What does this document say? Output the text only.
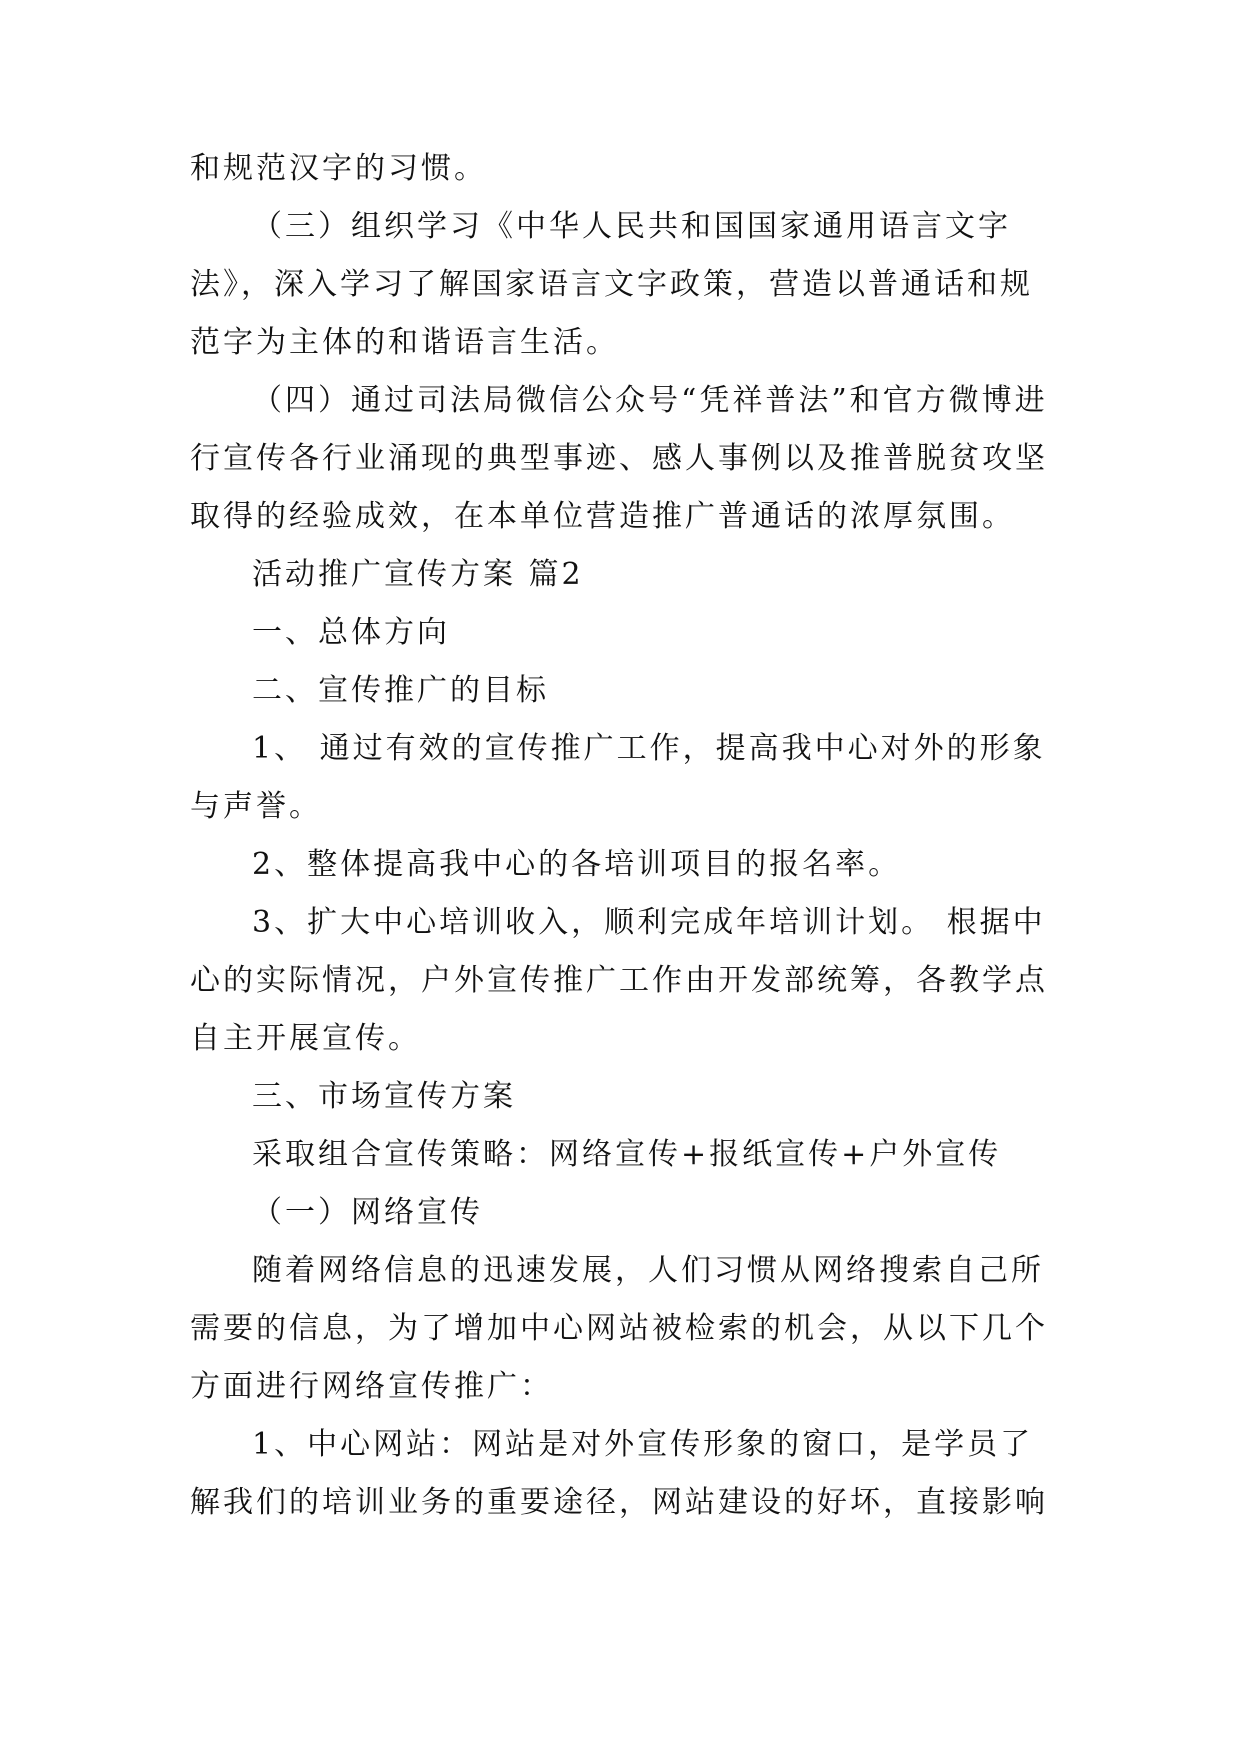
和规范汉字的习惯。

（三）组织学习《中华人民共和国国家通用语言文字法》，深入学习了解国家语言文字政策，营造以普通话和规范字为主体的和谐语言生活。

（四）通过司法局微信公众号“凭祥普法”和官方微博进行宣传各行业涌现的典型事迹、感人事例以及推普脱贫攻坚取得的经验成效，在本单位营造推广普通话的浓厚氛围。

活动推广宣传方案 篇2

一、总体方向

二、宣传推广的目标

1、 通过有效的宣传推广工作，提高我中心对外的形象与声誉。

2、整体提高我中心的各培训项目的报名率。

3、扩大中心培训收入，顺利完成年培训计划。 根据中心的实际情况，户外宣传推广工作由开发部统筹，各教学点自主开展宣传。

三、市场宣传方案

采取组合宣传策略：网络宣传+报纸宣传+户外宣传

（一）网络宣传

随着网络信息的迅速发展，人们习惯从网络搜索自己所需要的信息，为了增加中心网站被检索的机会，从以下几个方面进行网络宣传推广：

1、中心网站：网站是对外宣传形象的窗口，是学员了解我们的培训业务的重要途径，网站建设的好坏，直接影响
